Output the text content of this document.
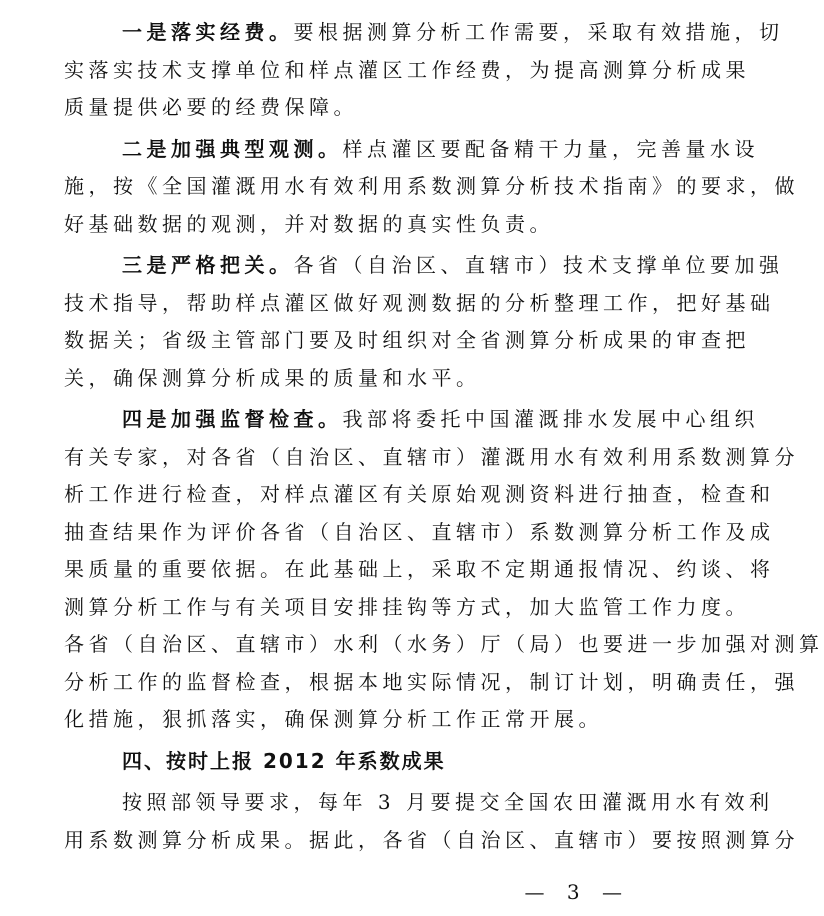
一是落实经费。要根据测算分析工作需要，采取有效措施，切
实落实技术支撑单位和样点灌区工作经费，为提高测算分析成果
质量提供必要的经费保障。
二是加强典型观测。样点灌区要配备精干力量，完善量水设
施，按《全国灌溉用水有效利用系数测算分析技术指南》的要求，做
好基础数据的观测，并对数据的真实性负责。
三是严格把关。各省（自治区、直辖市）技术支撑单位要加强
技术指导，帮助样点灌区做好观测数据的分析整理工作，把好基础
数据关；省级主管部门要及时组织对全省测算分析成果的审查把
关，确保测算分析成果的质量和水平。
四是加强监督检查。我部将委托中国灌溉排水发展中心组织
有关专家，对各省（自治区、直辖市）灌溉用水有效利用系数测算分
析工作进行检查，对样点灌区有关原始观测资料进行抽查，检查和
抽查结果作为评价各省（自治区、直辖市）系数测算分析工作及成
果质量的重要依据。在此基础上，采取不定期通报情况、约谈、将
测算分析工作与有关项目安排挂钩等方式，加大监管工作力度。
各省（自治区、直辖市）水利（水务）厅（局）也要进一步加强对测算
分析工作的监督检查，根据本地实际情况，制订计划，明确责任，强
化措施，狠抓落实，确保测算分析工作正常开展。
四、按时上报 2012 年系数成果
按照部领导要求，每年 3 月要提交全国农田灌溉用水有效利
用系数测算分析成果。据此，各省（自治区、直辖市）要按照测算分
— 3 —
